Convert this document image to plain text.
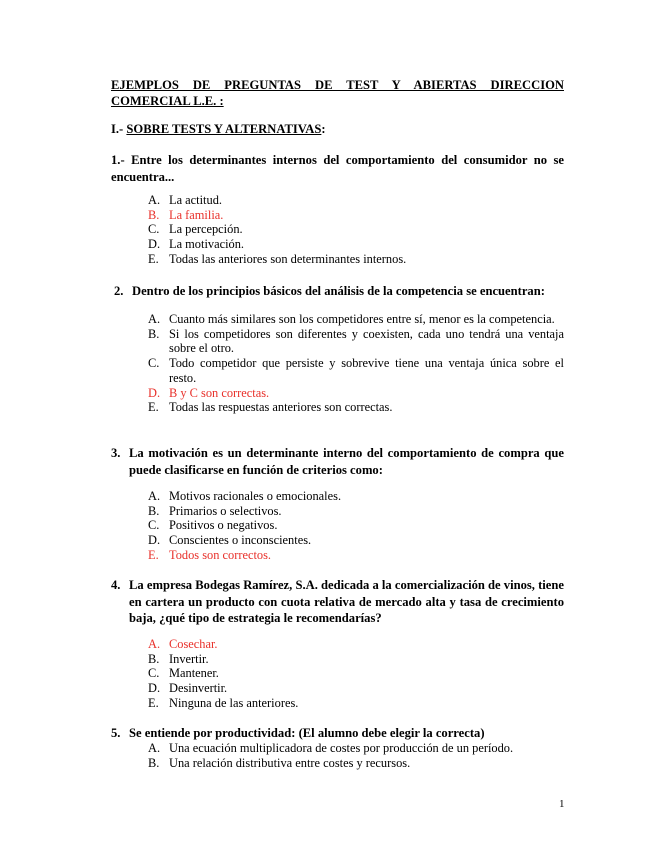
EJEMPLOS DE PREGUNTAS DE TEST Y ABIERTAS DIRECCION
COMERCIAL L.E. :
I.- SOBRE TESTS Y ALTERNATIVAS:
1.- Entre los determinantes internos del comportamiento del consumidor no se encuentra...
A. La actitud.
B. La familia.
C. La percepción.
D. La motivación.
E. Todas las anteriores son determinantes internos.
2. Dentro de los principios básicos del análisis de la competencia se encuentran:
A. Cuanto más similares son los competidores entre sí, menor es la competencia.
B. Si los competidores son diferentes y coexisten, cada uno tendrá una ventaja sobre el otro.
C. Todo competidor que persiste y sobrevive tiene una ventaja única sobre el resto.
D. B y C son correctas.
E. Todas las respuestas anteriores son correctas.
3. La motivación es un determinante interno del comportamiento de compra que puede clasificarse en función de criterios como:
A. Motivos racionales o emocionales.
B. Primarios o selectivos.
C. Positivos o negativos.
D. Conscientes o inconscientes.
E. Todos son correctos.
4. La empresa Bodegas Ramírez, S.A. dedicada a la comercialización de vinos, tiene en cartera un producto con cuota relativa de mercado alta y tasa de crecimiento baja, ¿qué tipo de estrategia le recomendarías?
A. Cosechar.
B. Invertir.
C. Mantener.
D. Desinvertir.
E. Ninguna de las anteriores.
5. Se entiende por productividad: (El alumno debe elegir la correcta)
A. Una ecuación multiplicadora de costes por producción de un período.
B. Una relación distributiva entre costes y recursos.
1
